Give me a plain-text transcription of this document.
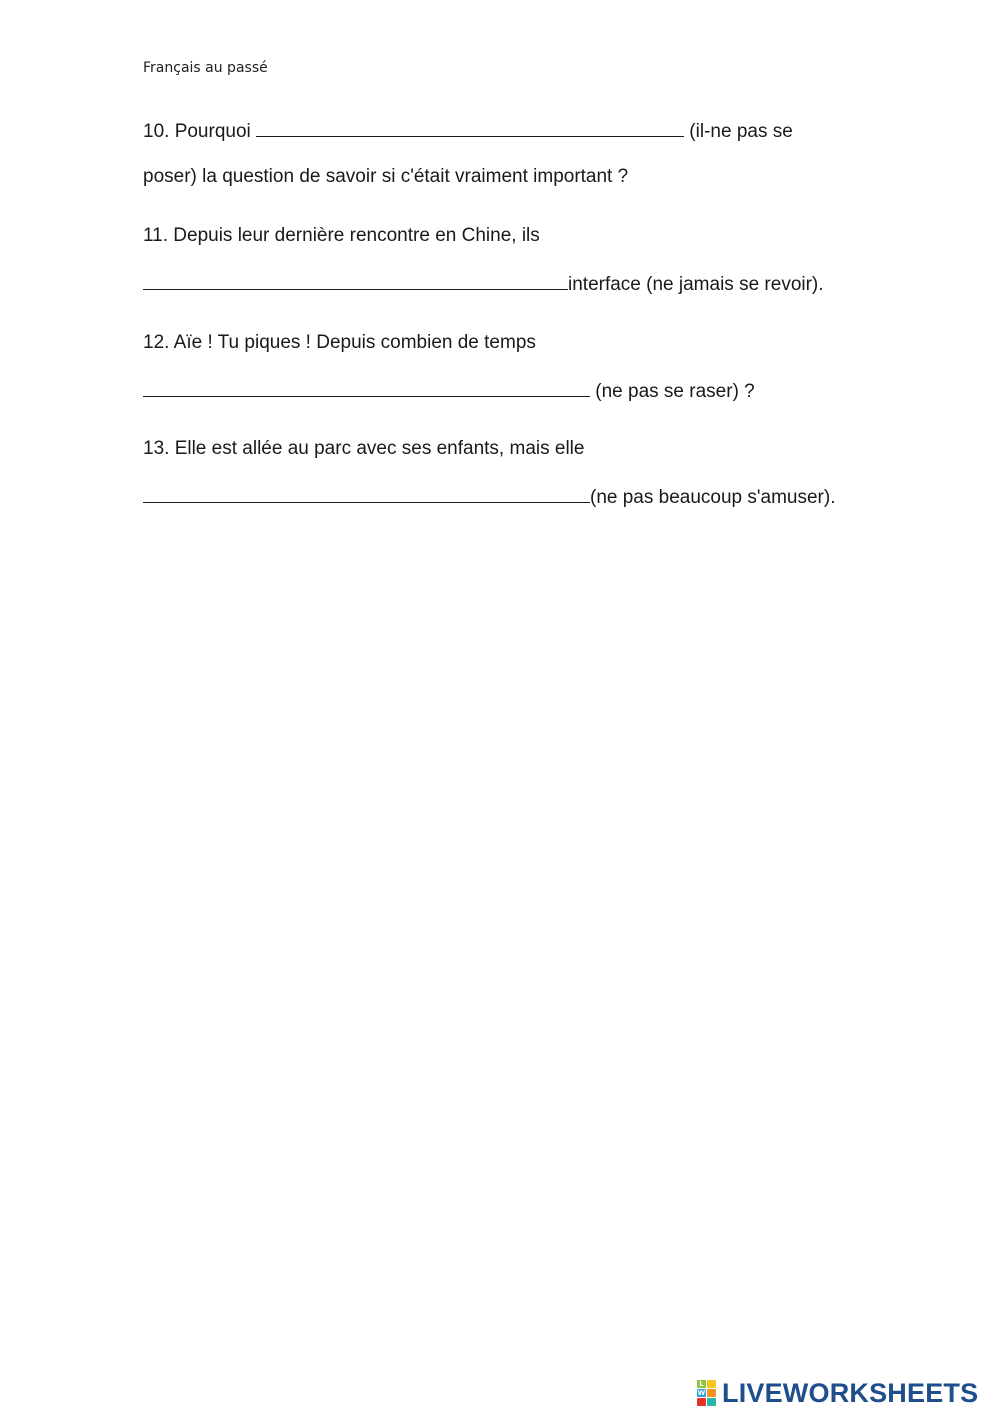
Français au passé
10. Pourquoi	(il-ne pas se
poser) la question de savoir si c'était vraiment important ?
11. Depuis leur dernière rencontre en Chine, ils
interface (ne jamais se revoir).
12. Aïe ! Tu piques ! Depuis combien de temps
(ne pas se raser) ?
13. Elle est allée au parc avec ses enfants, mais elle
(ne pas beaucoup s'amuser).
L
W LIVEWORKSHEETS
